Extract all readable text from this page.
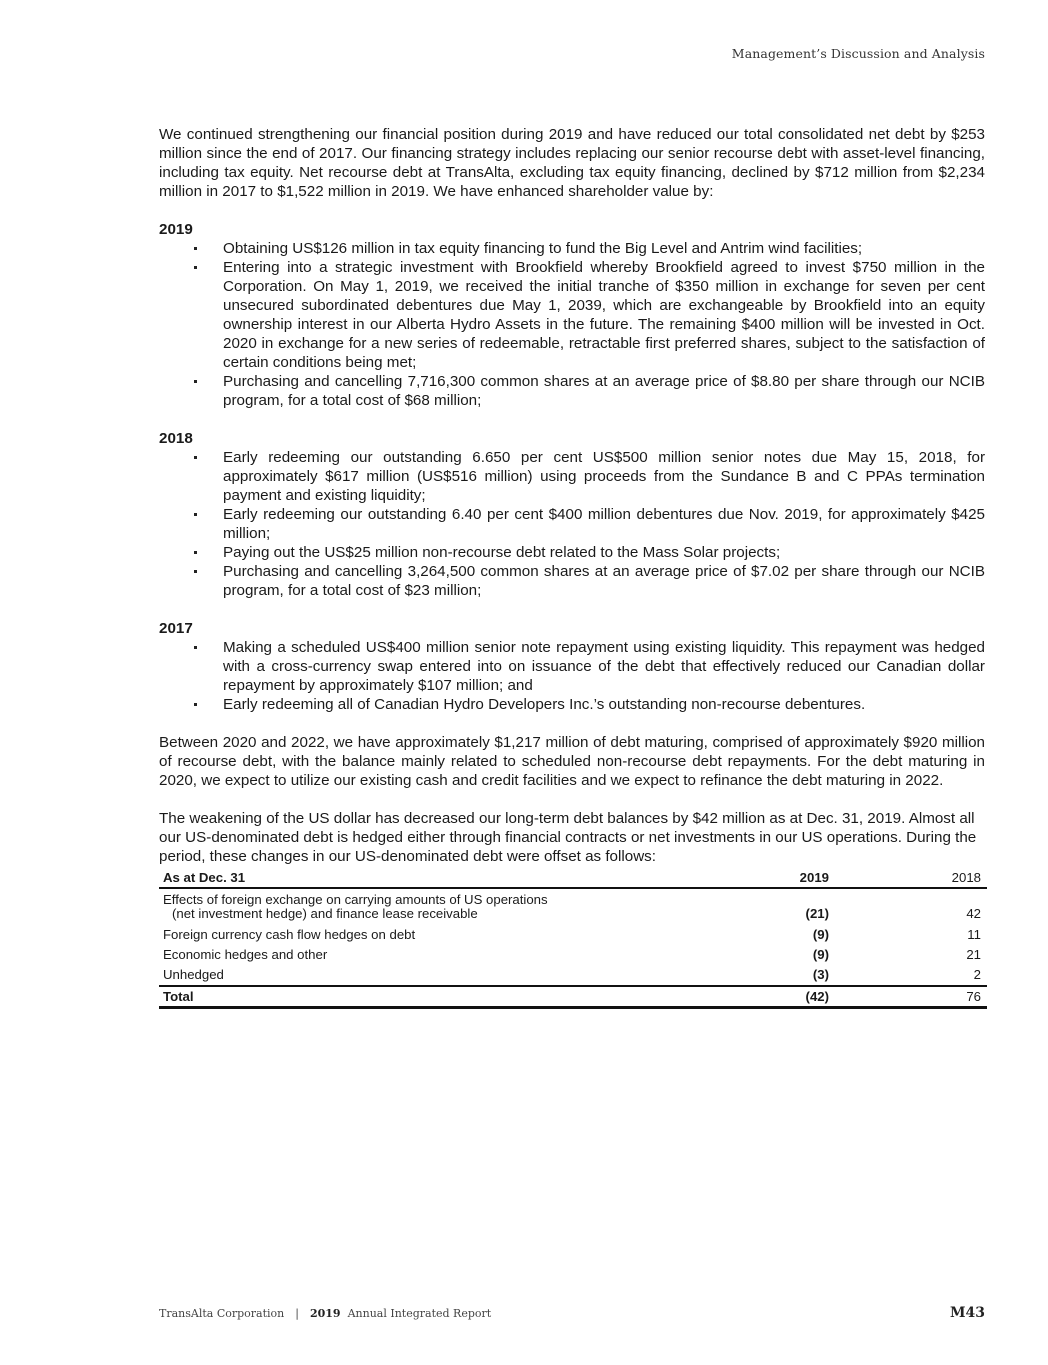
Management’s Discussion and Analysis

We continued strengthening our financial position during 2019 and have reduced our total consolidated net debt by $253 million since the end of 2017. Our financing strategy includes replacing our senior recourse debt with asset-level financing, including tax equity. Net recourse debt at TransAlta, excluding tax equity financing, declined by $712 million from $2,234 million in 2017 to $1,522 million in 2019. We have enhanced shareholder value by:

2019

Obtaining US$126 million in tax equity financing to fund the Big Level and Antrim wind facilities;
Entering into a strategic investment with Brookfield whereby Brookfield agreed to invest $750 million in the Corporation. On May 1, 2019, we received the initial tranche of $350 million in exchange for seven per cent unsecured subordinated debentures due May 1, 2039, which are exchangeable by Brookfield into an equity ownership interest in our Alberta Hydro Assets in the future. The remaining $400 million will be invested in Oct. 2020 in exchange for a new series of redeemable, retractable first preferred shares, subject to the satisfaction of certain conditions being met;
Purchasing and cancelling 7,716,300 common shares at an average price of $8.80 per share through our NCIB program, for a total cost of $68 million;

2018

Early redeeming our outstanding 6.650 per cent US$500 million senior notes due May 15, 2018, for approximately $617 million (US$516 million) using proceeds from the Sundance B and C PPAs termination payment and existing liquidity;
Early redeeming our outstanding 6.40 per cent $400 million debentures due Nov. 2019, for approximately $425 million;
Paying out the US$25 million non-recourse debt related to the Mass Solar projects;
Purchasing and cancelling 3,264,500 common shares at an average price of $7.02 per share through our NCIB program, for a total cost of $23 million;

2017

Making a scheduled US$400 million senior note repayment using existing liquidity. This repayment was hedged with a cross-currency swap entered into on issuance of the debt that effectively reduced our Canadian dollar repayment by approximately $107 million; and
Early redeeming all of Canadian Hydro Developers Inc.’s outstanding non-recourse debentures.

Between 2020 and 2022, we have approximately $1,217 million of debt maturing, comprised of approximately $920 million of recourse debt, with the balance mainly related to scheduled non-recourse debt repayments. For the debt maturing in 2020, we expect to utilize our existing cash and credit facilities and we expect to refinance the debt maturing in 2022.

The weakening of the US dollar has decreased our long-term debt balances by $42 million as at Dec. 31, 2019. Almost all our US-denominated debt is hedged either through financial contracts or net investments in our US operations. During the period, these changes in our US-denominated debt were offset as follows:

As at Dec. 31	2019	2018
Effects of foreign exchange on carrying amounts of US operations
(net investment hedge) and finance lease receivable	(21)	42
Foreign currency cash flow hedges on debt	(9)	11
Economic hedges and other	(9)	21
Unhedged	(3)	2
Total	(42)	76
TransAlta Corporation | 2019 Annual Integrated Report	M43
